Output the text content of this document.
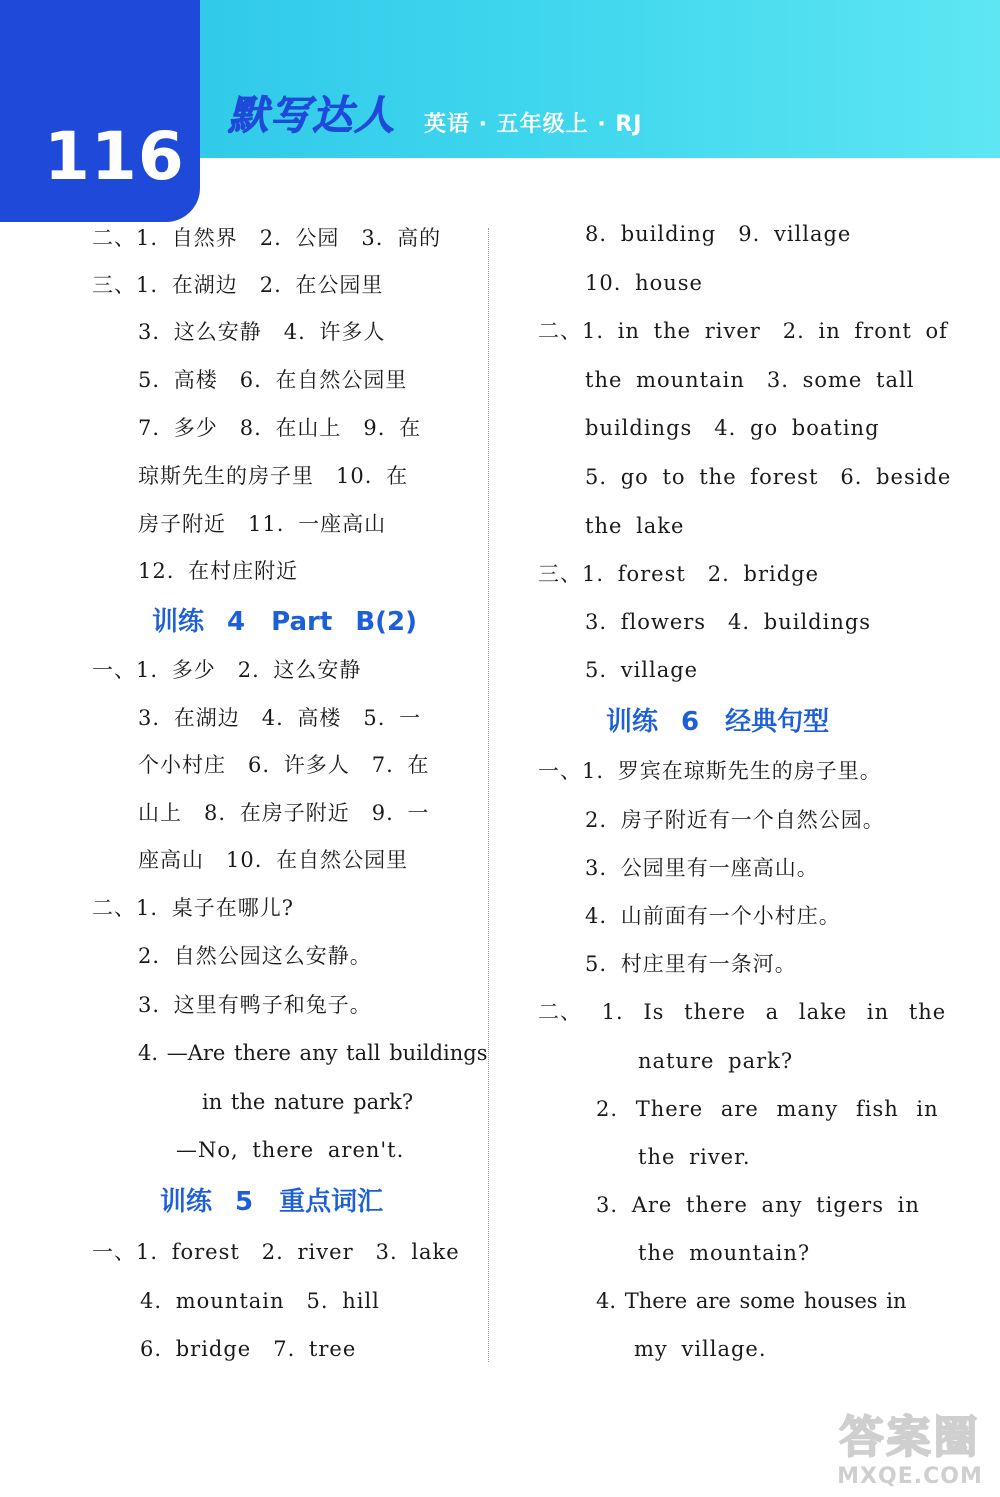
116
默写达人 英语 · 五年级上 · RJ
二、1. 自然界　2. 公园　3. 高的
三、1. 在湖边　2. 在公园里
3. 这么安静　4. 许多人
5. 高楼　6. 在自然公园里
7. 多少　8. 在山上　9. 在
琼斯先生的房子里　10. 在
房子附近　11. 一座高山
12. 在村庄附近
训练 4　Part B(2)
一、1. 多少　2. 这么安静
3. 在湖边　4. 高楼　5. 一
个小村庄　6. 许多人　7. 在
山上　8. 在房子附近　9. 一
座高山　10. 在自然公园里
二、1. 桌子在哪儿?
2. 自然公园这么安静。
3. 这里有鸭子和兔子。
4. —Are there any tall buildings
in the nature park?
—No, there aren't.
训练 5　重点词汇
一、1. forest　2. river　3. lake
4. mountain　5. hill
6. bridge　7. tree
8. building　9. village
10. house
二、1. in the river　2. in front of
the mountain　3. some tall
buildings　4. go boating
5. go to the forest　6. beside
the lake
三、1. forest　2. bridge
3. flowers　4. buildings
5. village
训练 6　经典句型
一、1. 罗宾在琼斯先生的房子里。
2. 房子附近有一个自然公园。
3. 公园里有一座高山。
4. 山前面有一个小村庄。
5. 村庄里有一条河。
二、 1. Is there a lake in the
nature park?
2. There are many fish in
the river.
3. Are there any tigers in
the mountain?
4. There are some houses in
my village.
答案圈
MXQE.COM
